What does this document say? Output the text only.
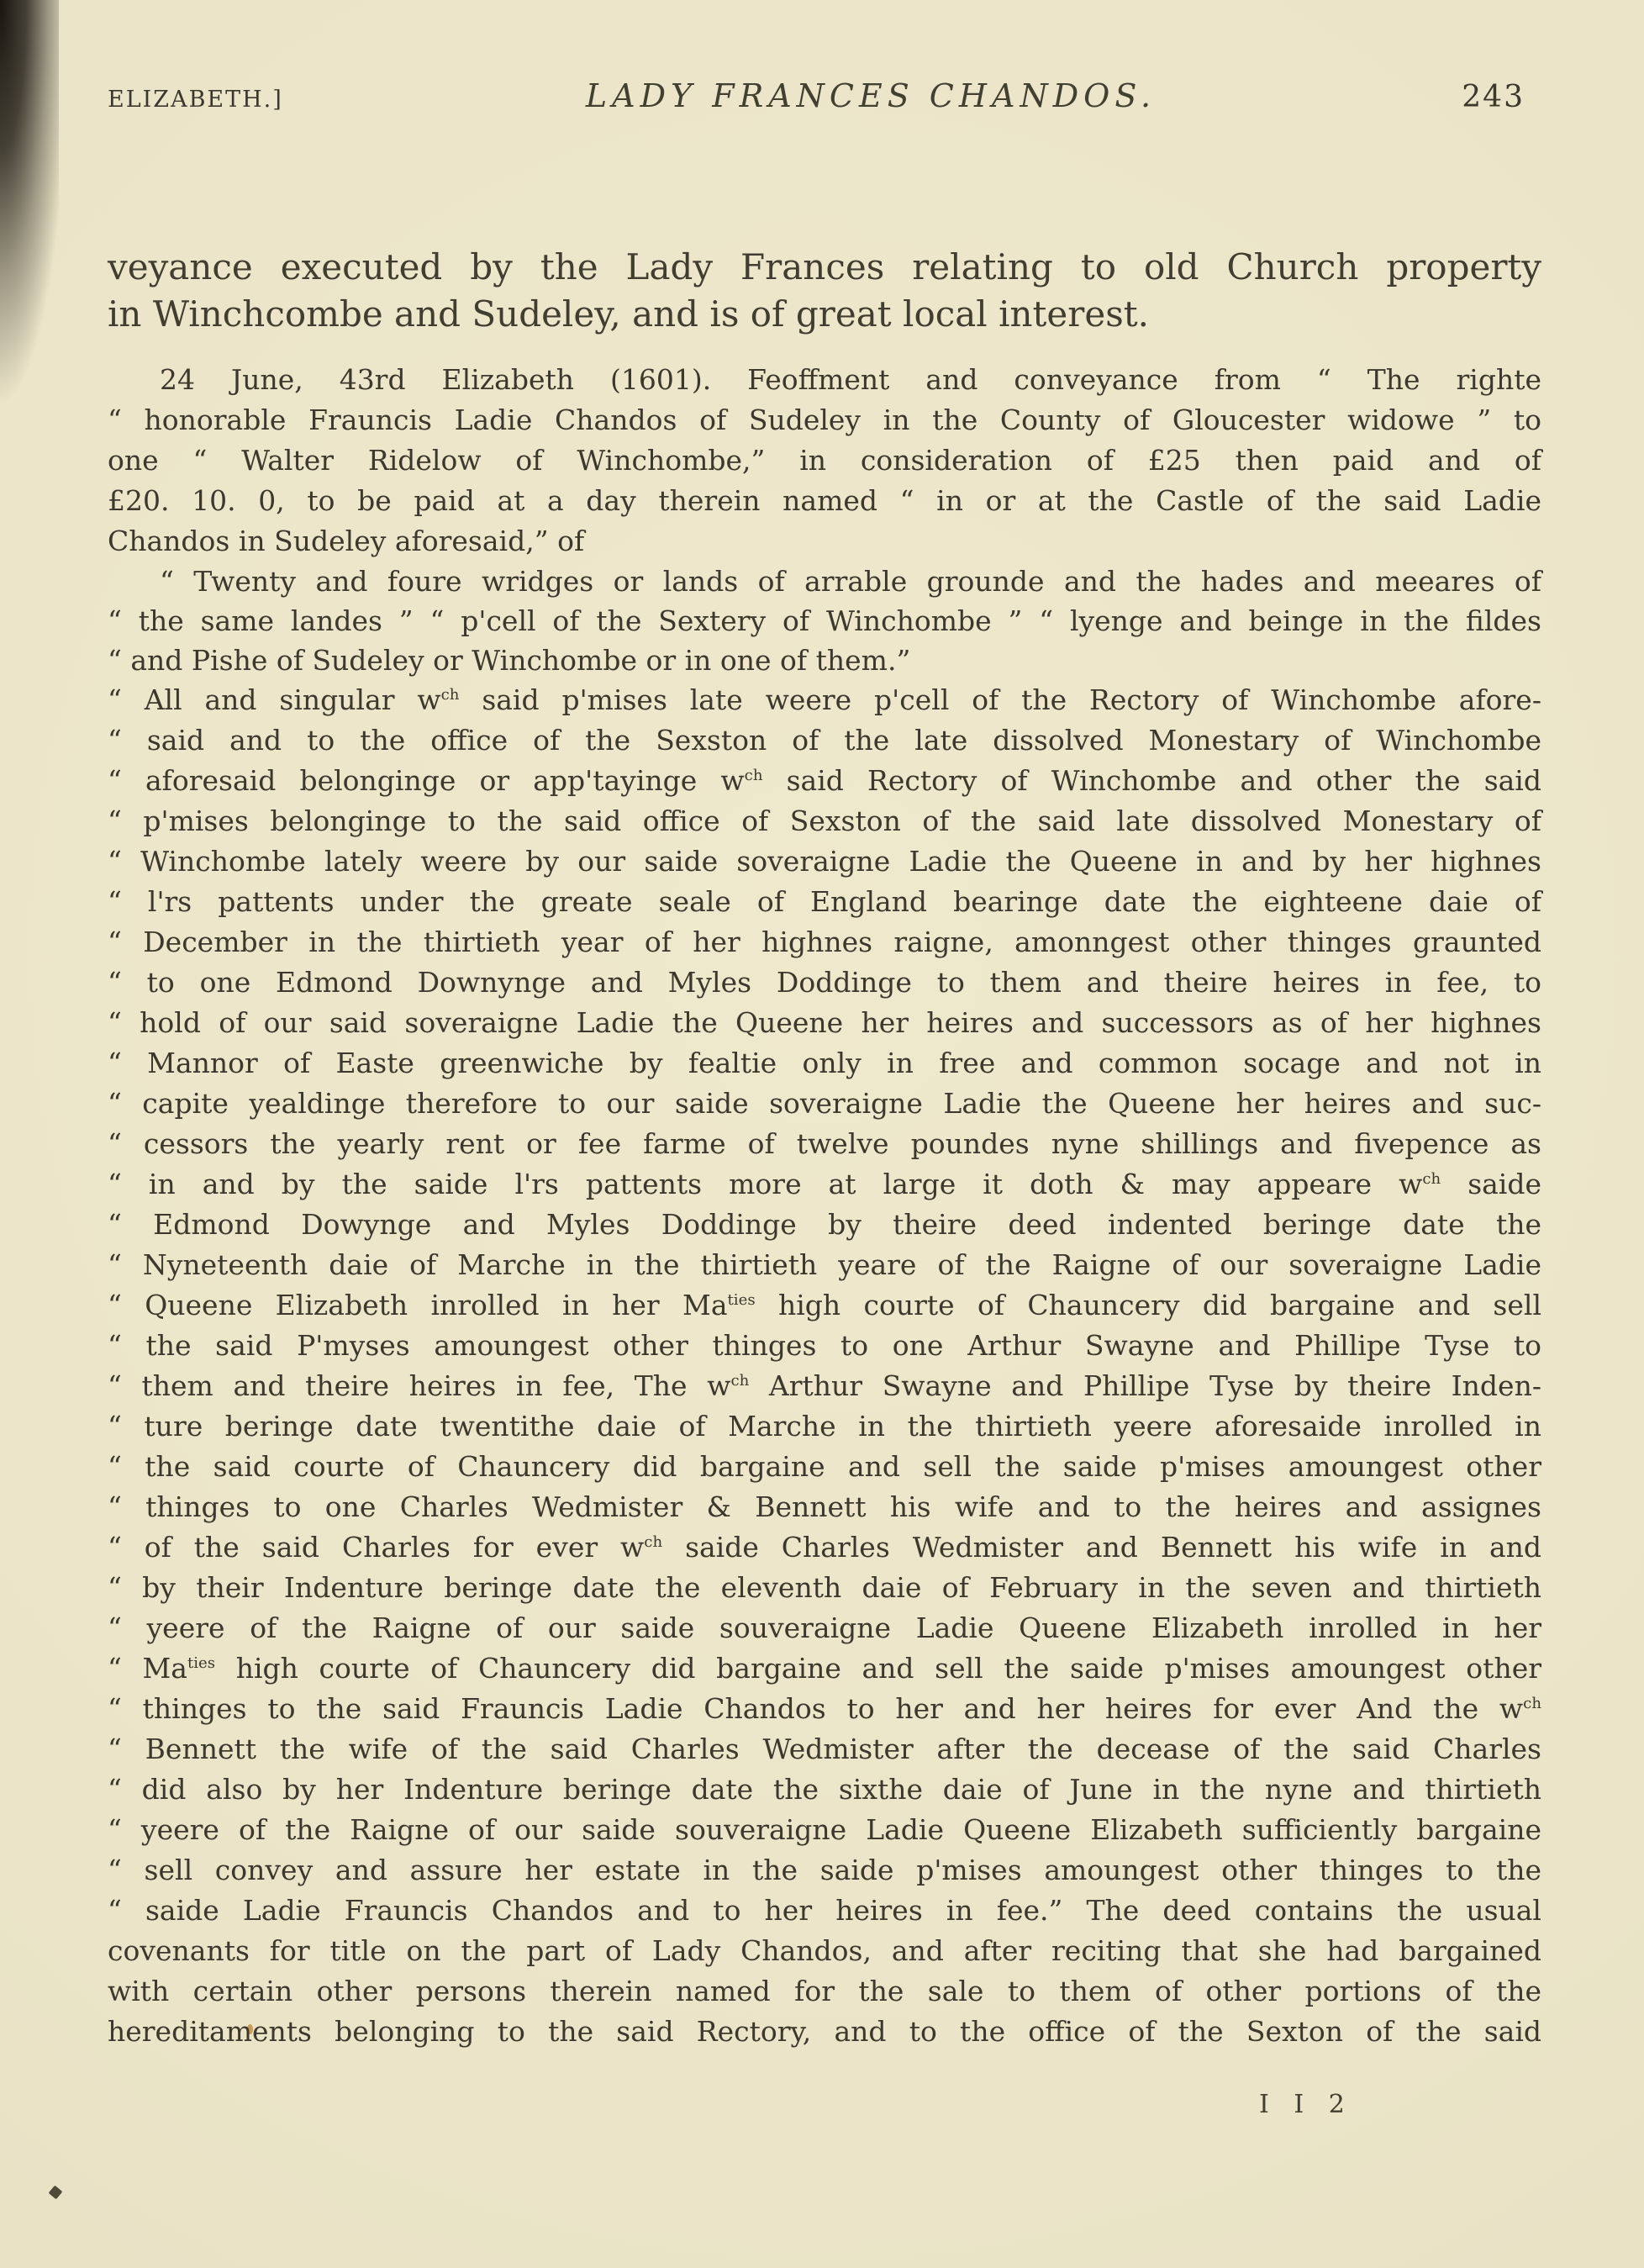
ELIZABETH.]	LADY FRANCES CHANDOS.	243
veyance executed by the Lady Frances relating to old Church property
in Winchcombe and Sudeley, and is of great local interest.
24 June, 43rd Elizabeth (1601). Feoffment and conveyance from “ The righte
“ honorable Frauncis Ladie Chandos of Sudeley in the County of Gloucester widowe ” to
one “ Walter Ridelow of Winchombe,” in consideration of £25 then paid and of
£20. 10. 0, to be paid at a day therein named “ in or at the Castle of the said Ladie
Chandos in Sudeley aforesaid,” of
“ Twenty and foure wridges or lands of arrable grounde and the hades and meeares of
“ the same landes ” “ p'cell of the Sextery of Winchombe ” “ lyenge and beinge in the fildes
“ and Pishe of Sudeley or Winchombe or in one of them.”
“ All and singular $w^{ch}$ said p'mises late weere p'cell of the Rectory of Winchombe afore-
“ said and to the office of the Sexston of the late dissolved Monestary of Winchombe
“ aforesaid belonginge or app'tayinge $w^{ch}$ said Rectory of Winchombe and other the said
“ p'mises belonginge to the said office of Sexston of the said late dissolved Monestary of
“ Winchombe lately weere by our saide soveraigne Ladie the Queene in and by her highnes
“ l'rs pattents under the greate seale of England bearinge date the eighteene daie of
“ December in the thirtieth year of her highnes raigne, amonngest other thinges graunted
“ to one Edmond Downynge and Myles Doddinge to them and theire heires in fee, to
“ hold of our said soveraigne Ladie the Queene her heires and successors as of her highnes
“ Mannor of Easte greenwiche by fealtie only in free and common socage and not in
“ capite yealdinge therefore to our saide soveraigne Ladie the Queene her heires and suc-
“ cessors the yearly rent or fee farme of twelve poundes nyne shillings and fivepence as
“ in and by the saide l'rs pattents more at large it doth & may appeare $w^{ch}$ saide
“ Edmond Dowynge and Myles Doddinge by theire deed indented beringe date the
“ Nyneteenth daie of Marche in the thirtieth yeare of the Raigne of our soveraigne Ladie
“ Queene Elizabeth inrolled in her $Ma^{ties}$ high courte of Chauncery did bargaine and sell
“ the said P'myses amoungest other thinges to one Arthur Swayne and Phillipe Tyse to
“ them and theire heires in fee, The $w^{ch}$ Arthur Swayne and Phillipe Tyse by theire Inden-
“ ture beringe date twentithe daie of Marche in the thirtieth yeere aforesaide inrolled in
“ the said courte of Chauncery did bargaine and sell the saide p'mises amoungest other
“ thinges to one Charles Wedmister & Bennett his wife and to the heires and assignes
“ of the said Charles for ever $w^{ch}$ saide Charles Wedmister and Bennett his wife in and
“ by their Indenture beringe date the eleventh daie of February in the seven and thirtieth
“ yeere of the Raigne of our saide souveraigne Ladie Queene Elizabeth inrolled in her
“ $Ma^{ties}$ high courte of Chauncery did bargaine and sell the saide p'mises amoungest other
“ thinges to the said Frauncis Ladie Chandos to her and her heires for ever And the $w^{ch}$
“ Bennett the wife of the said Charles Wedmister after the decease of the said Charles
“ did also by her Indenture beringe date the sixthe daie of June in the nyne and thirtieth
“ yeere of the Raigne of our saide souveraigne Ladie Queene Elizabeth sufficiently bargaine
“ sell convey and assure her estate in the saide p'mises amoungest other thinges to the
“ saide Ladie Frauncis Chandos and to her heires in fee.” The deed contains the usual
covenants for title on the part of Lady Chandos, and after reciting that she had bargained
with certain other persons therein named for the sale to them of other portions of the
hereditaments belonging to the said Rectory, and to the office of the Sexton of the said
I I 2
